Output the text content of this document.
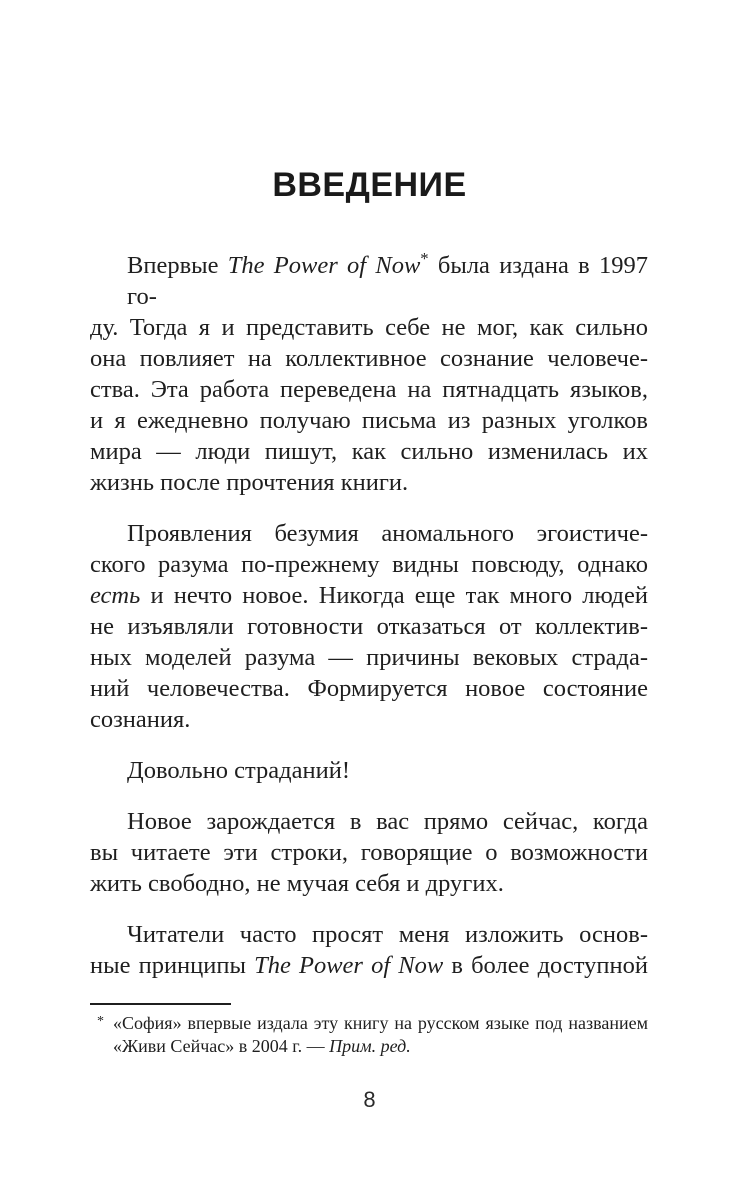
ВВЕДЕНИЕ
Впервые The Power of Now* была издана в 1997 го-
ду. Тогда я и представить себе не мог, как сильно
она повлияет на коллективное сознание человече-
ства. Эта работа переведена на пятнадцать языков,
и я ежедневно получаю письма из разных уголков
мира — люди пишут, как сильно изменилась их
жизнь после прочтения книги.
Проявления безумия аномального эгоистиче-
ского разума по-прежнему видны повсюду, однако
есть и нечто новое. Никогда еще так много людей
не изъявляли готовности отказаться от коллектив-
ных моделей разума — причины вековых страда-
ний человечества. Формируется новое состояние
сознания.
Довольно страданий!
Новое зарождается в вас прямо сейчас, когда
вы читаете эти строки, говорящие о возможности
жить свободно, не мучая себя и других.
Читатели часто просят меня изложить основ-
ные принципы The Power of Now в более доступной
* «София» впервые издала эту книгу на русском языке под названием
«Живи Сейчас» в 2004 г. — Прим. ред.
8
